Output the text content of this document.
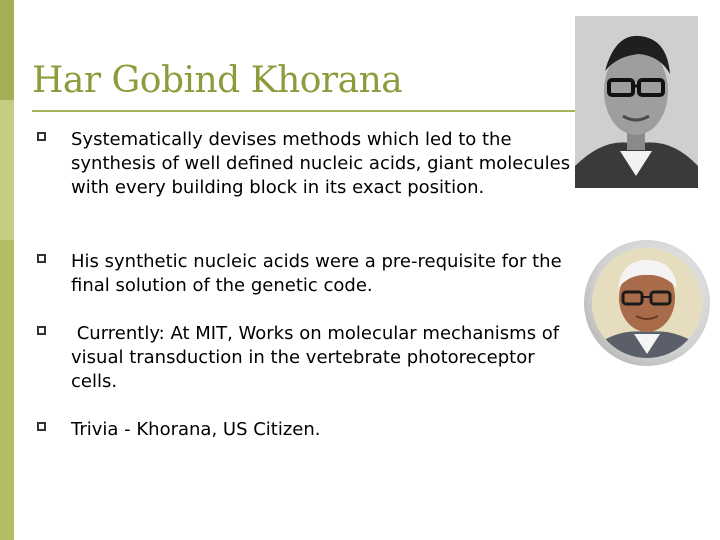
Har Gobind Khorana
Systematically devises methods which led to the synthesis of well defined nucleic acids, giant molecules with every building block in its exact position.
His synthetic nucleic acids were a pre-requisite for the final solution of the genetic code.
Currently: At MIT, Works on molecular mechanisms of visual transduction in the vertebrate photoreceptor cells.
Trivia - Khorana, US Citizen.
